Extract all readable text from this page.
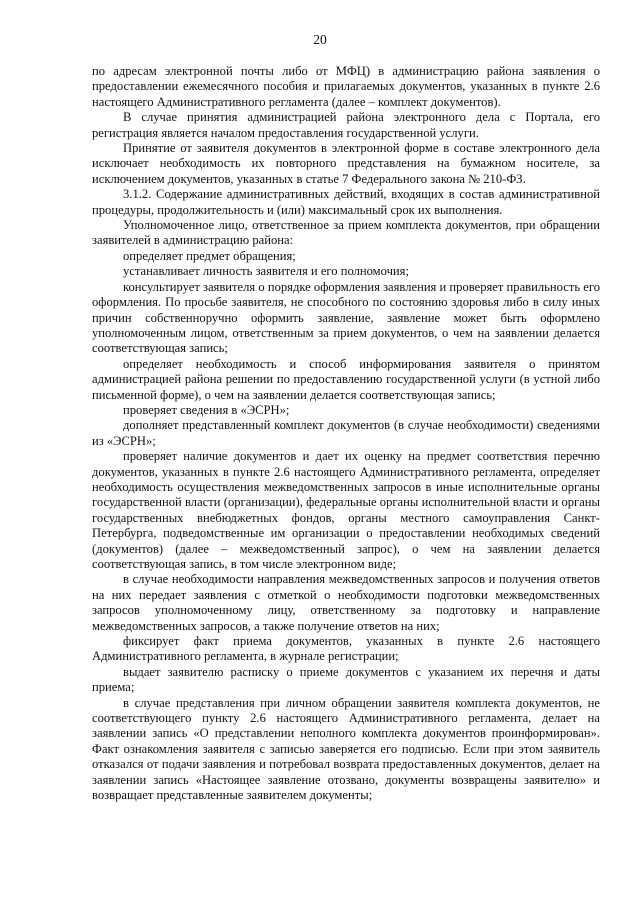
20

по адресам электронной почты либо от МФЦ) в администрацию района заявления о предоставлении ежемесячного пособия и прилагаемых документов, указанных в пункте 2.6 настоящего Административного регламента (далее – комплект документов).

В случае принятия администрацией района электронного дела с Портала, его регистрация является началом предоставления государственной услуги.

Принятие от заявителя документов в электронной форме в составе электронного дела исключает необходимость их повторного представления на бумажном носителе, за исключением документов, указанных в статье 7 Федерального закона № 210-ФЗ.

3.1.2. Содержание административных действий, входящих в состав административной процедуры, продолжительность и (или) максимальный срок их выполнения.

Уполномоченное лицо, ответственное за прием комплекта документов, при обращении заявителей в администрацию района:

определяет предмет обращения;

устанавливает личность заявителя и его полномочия;

консультирует заявителя о порядке оформления заявления и проверяет правильность его оформления. По просьбе заявителя, не способного по состоянию здоровья либо в силу иных причин собственноручно оформить заявление, заявление может быть оформлено уполномоченным лицом, ответственным за прием документов, о чем на заявлении делается соответствующая запись;

определяет необходимость и способ информирования заявителя о принятом администрацией района решении по предоставлению государственной услуги (в устной либо письменной форме), о чем на заявлении делается соответствующая запись;

проверяет сведения в «ЭСРН»;

дополняет представленный комплект документов (в случае необходимости) сведениями из «ЭСРН»;

проверяет наличие документов и дает их оценку на предмет соответствия перечню документов, указанных в пункте 2.6 настоящего Административного регламента, определяет необходимость осуществления межведомственных запросов в иные исполнительные органы государственной власти (организации), федеральные органы исполнительной власти и органы государственных внебюджетных фондов, органы местного самоуправления Санкт-Петербурга, подведомственные им организации о предоставлении необходимых сведений (документов) (далее – межведомственный запрос), о чем на заявлении делается соответствующая запись, в том числе электронном виде;

в случае необходимости направления межведомственных запросов и получения ответов на них передает заявления с отметкой о необходимости подготовки межведомственных запросов уполномоченному лицу, ответственному за подготовку и направление межведомственных запросов, а также получение ответов на них;

фиксирует факт приема документов, указанных в пункте 2.6 настоящего Административного регламента, в журнале регистрации;

выдает заявителю расписку о приеме документов с указанием их перечня и даты приема;

в случае представления при личном обращении заявителя комплекта документов, не соответствующего пункту 2.6 настоящего Административного регламента, делает на заявлении запись «О представлении неполного комплекта документов проинформирован». Факт ознакомления заявителя с записью заверяется его подписью. Если при этом заявитель отказался от подачи заявления и потребовал возврата предоставленных документов, делает на заявлении запись «Настоящее заявление отозвано, документы возвращены заявителю» и возвращает представленные заявителем документы;
